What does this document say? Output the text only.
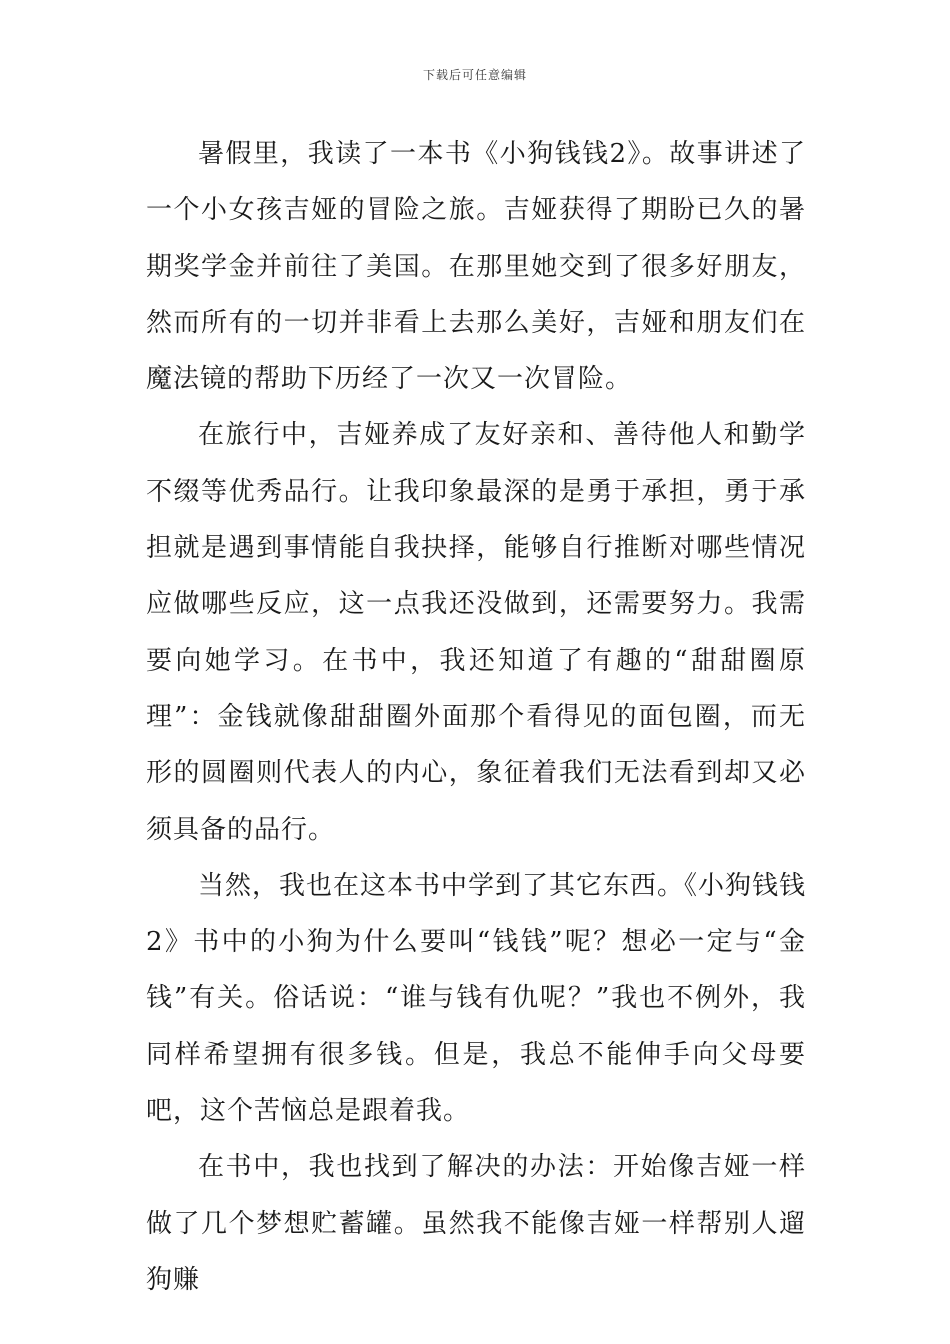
下载后可任意编辑

暑假里，我读了一本书《小狗钱钱2》。故事讲述了一个小女孩吉娅的冒险之旅。吉娅获得了期盼已久的暑期奖学金并前往了美国。在那里她交到了很多好朋友，然而所有的一切并非看上去那么美好，吉娅和朋友们在魔法镜的帮助下历经了一次又一次冒险。

在旅行中，吉娅养成了友好亲和、善待他人和勤学不缀等优秀品行。让我印象最深的是勇于承担，勇于承担就是遇到事情能自我抉择，能够自行推断对哪些情况应做哪些反应，这一点我还没做到，还需要努力。我需要向她学习。在书中，我还知道了有趣的“甜甜圈原理”：金钱就像甜甜圈外面那个看得见的面包圈，而无形的圆圈则代表人的内心，象征着我们无法看到却又必须具备的品行。

当然，我也在这本书中学到了其它东西。《小狗钱钱2》书中的小狗为什么要叫“钱钱”呢？想必一定与“金钱”有关。俗话说：“谁与钱有仇呢？”我也不例外，我同样希望拥有很多钱。但是，我总不能伸手向父母要吧，这个苦恼总是跟着我。

在书中，我也找到了解决的办法：开始像吉娅一样做了几个梦想贮蓄罐。虽然我不能像吉娅一样帮别人遛狗赚
